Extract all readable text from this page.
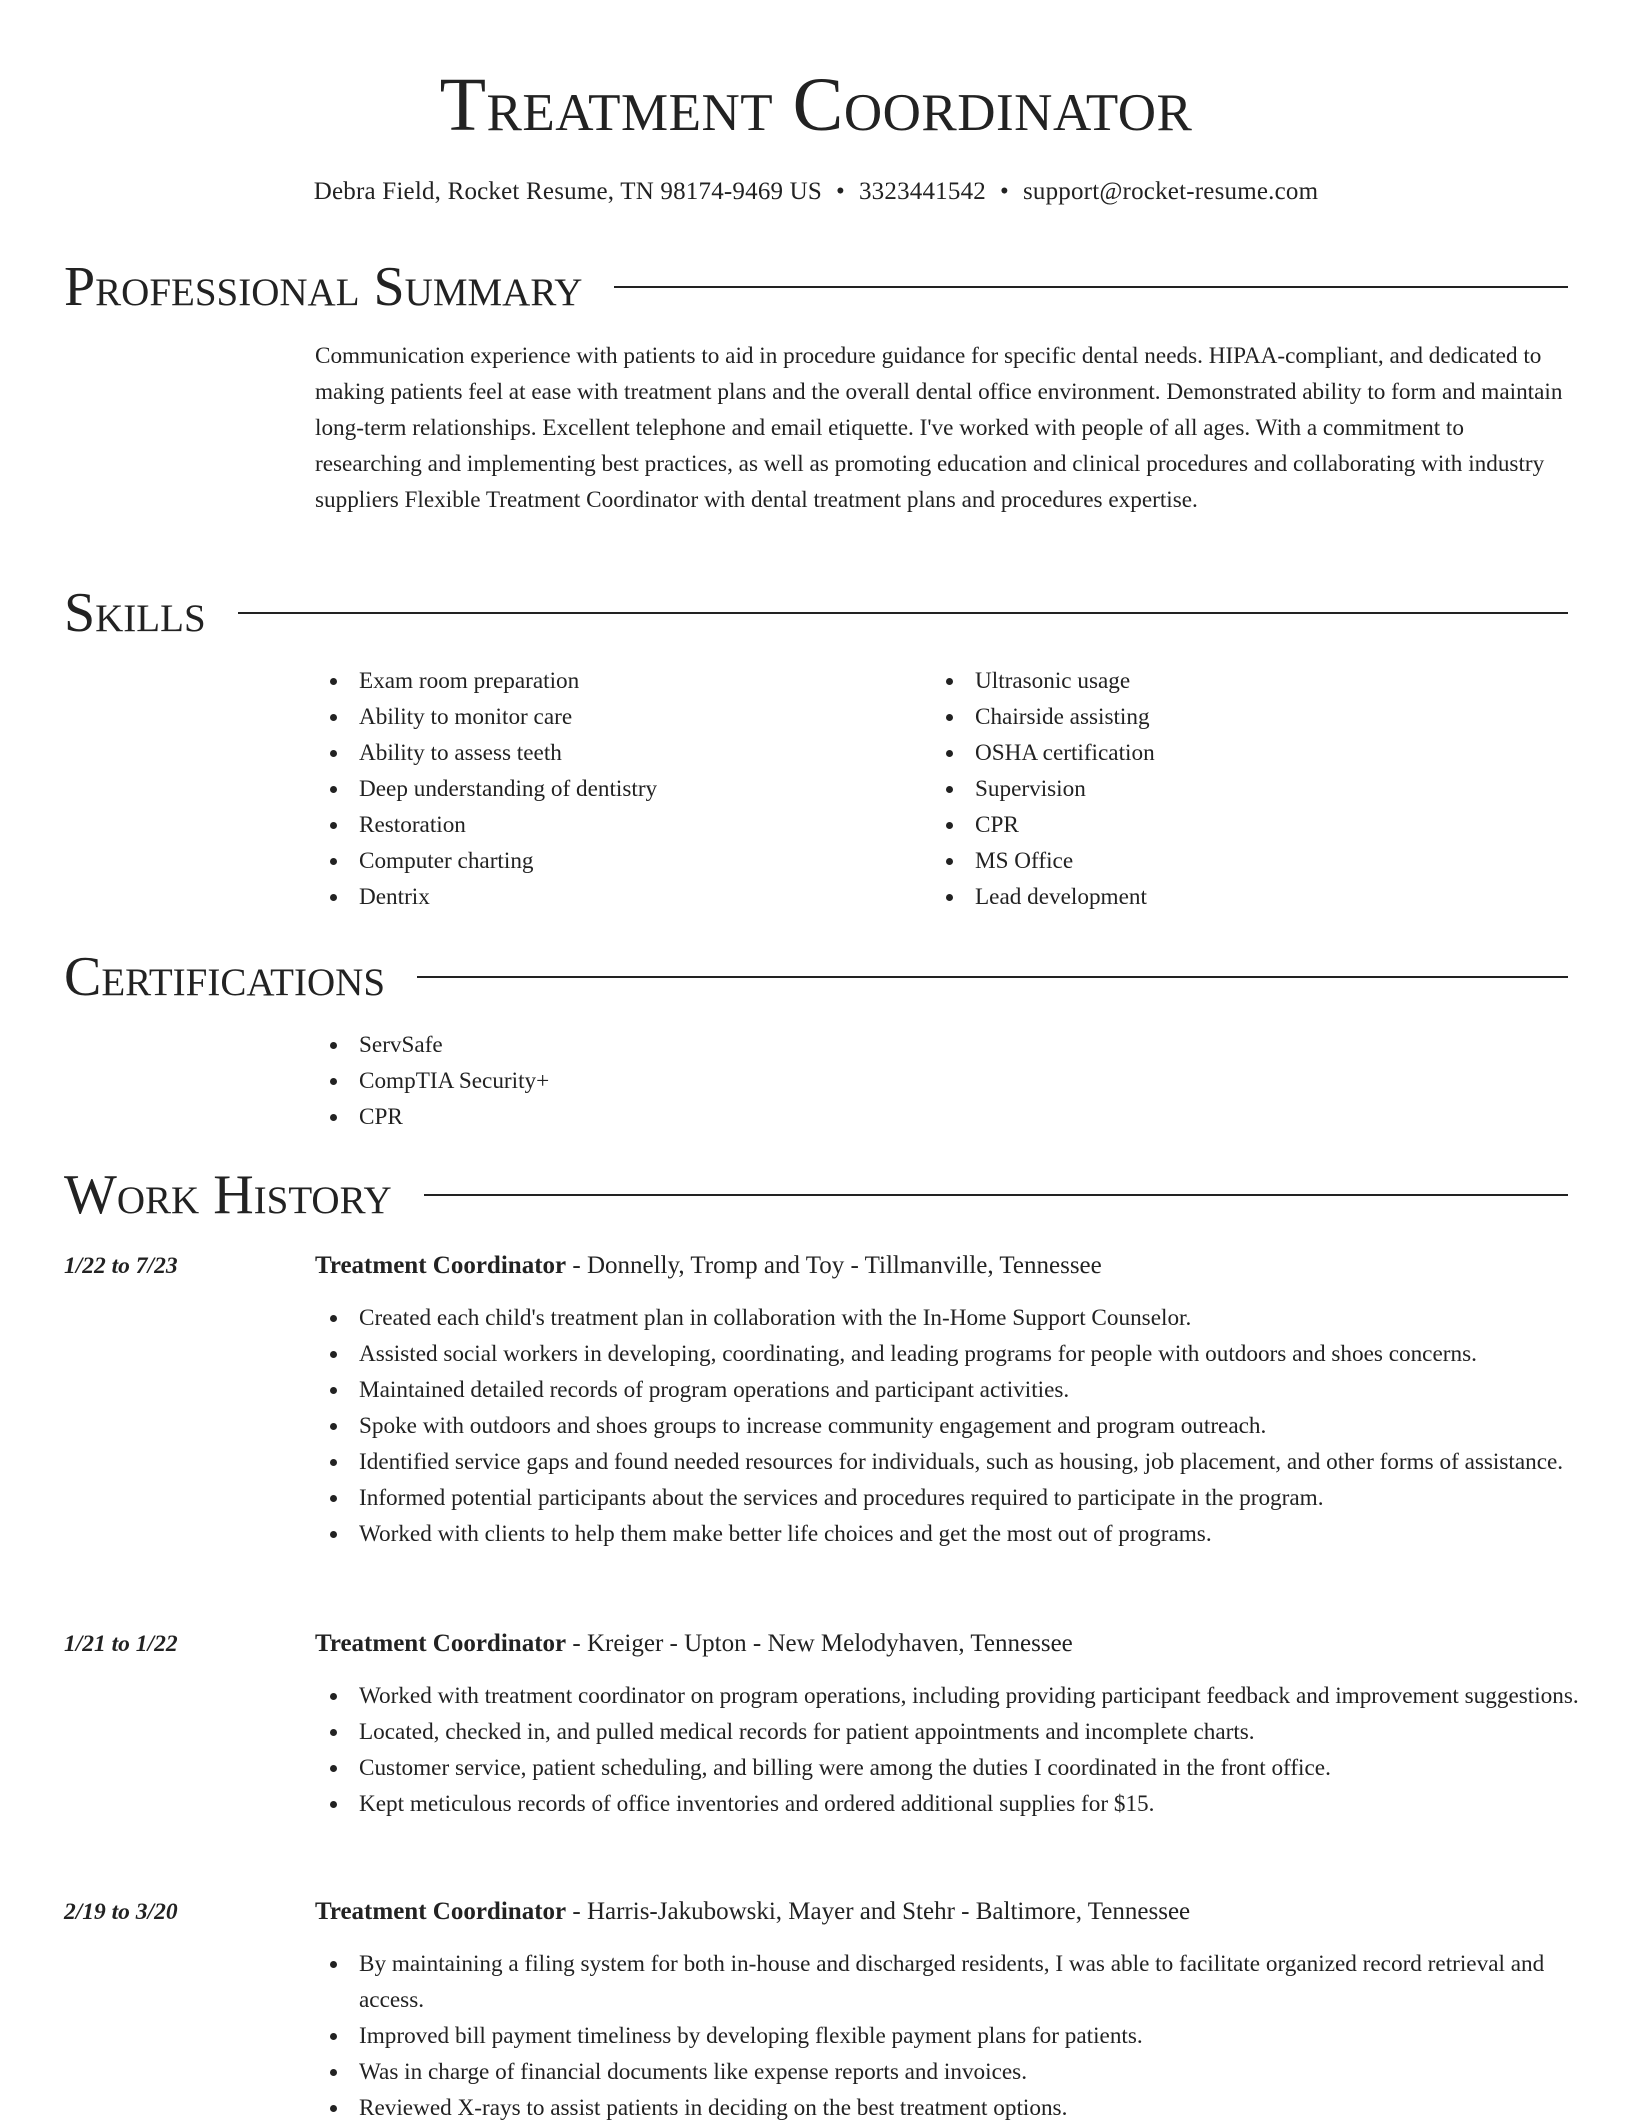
Treatment Coordinator
Debra Field, Rocket Resume, TN 98174-9469 US • 3323441542 • support@rocket-resume.com
Professional Summary

Communication experience with patients to aid in procedure guidance for specific dental needs. HIPAA-compliant, and dedicated to making patients feel at ease with treatment plans and the overall dental office environment. Demonstrated ability to form and maintain long-term relationships. Excellent telephone and email etiquette. I've worked with people of all ages. With a commitment to researching and implementing best practices, as well as promoting education and clinical procedures and collaborating with industry suppliers Flexible Treatment Coordinator with dental treatment plans and procedures expertise.

Skills
Exam room preparation
Ability to monitor care
Ability to assess teeth
Deep understanding of dentistry
Restoration
Computer charting
Dentrix
Ultrasonic usage
Chairside assisting
OSHA certification
Supervision
CPR
MS Office
Lead development
Certifications
ServSafe
CompTIA Security+
CPR
Work History
1/22 to 7/23	Treatment Coordinator - Donnelly, Tromp and Toy - Tillmanville, Tennessee
Created each child's treatment plan in collaboration with the In-Home Support Counselor.
Assisted social workers in developing, coordinating, and leading programs for people with outdoors and shoes concerns.
Maintained detailed records of program operations and participant activities.
Spoke with outdoors and shoes groups to increase community engagement and program outreach.
Identified service gaps and found needed resources for individuals, such as housing, job placement, and other forms of assistance.
Informed potential participants about the services and procedures required to participate in the program.
Worked with clients to help them make better life choices and get the most out of programs.
1/21 to 1/22	Treatment Coordinator - Kreiger - Upton - New Melodyhaven, Tennessee
Worked with treatment coordinator on program operations, including providing participant feedback and improvement suggestions.
Located, checked in, and pulled medical records for patient appointments and incomplete charts.
Customer service, patient scheduling, and billing were among the duties I coordinated in the front office.
Kept meticulous records of office inventories and ordered additional supplies for $15.
2/19 to 3/20	Treatment Coordinator - Harris-Jakubowski, Mayer and Stehr - Baltimore, Tennessee
By maintaining a filing system for both in-house and discharged residents, I was able to facilitate organized record retrieval and access.
Improved bill payment timeliness by developing flexible payment plans for patients.
Was in charge of financial documents like expense reports and invoices.
Reviewed X-rays to assist patients in deciding on the best treatment options.
